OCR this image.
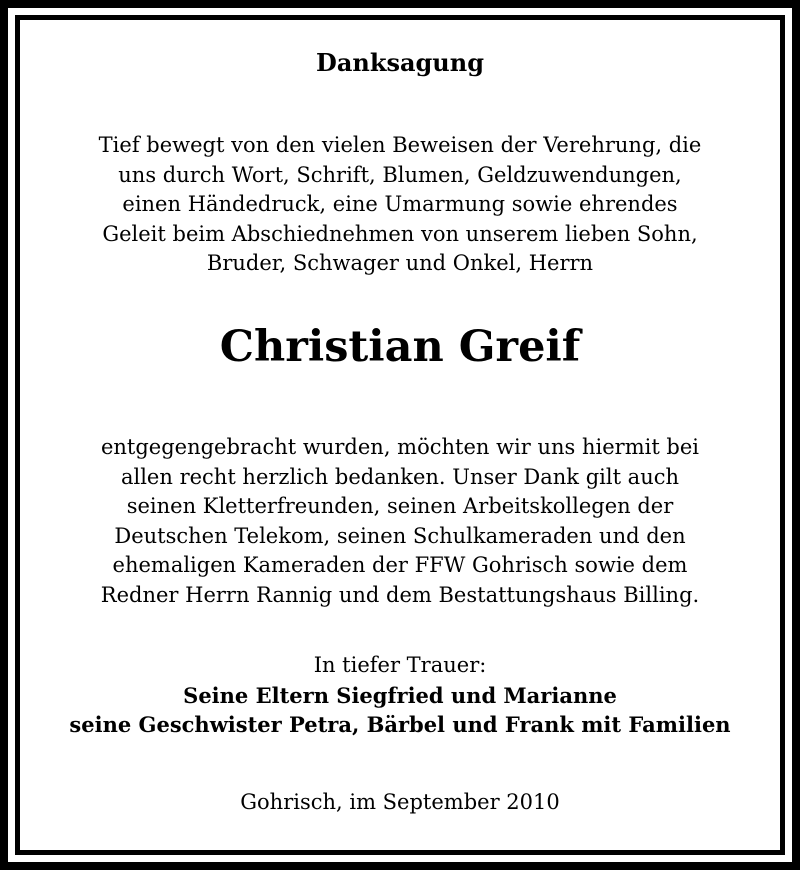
Danksagung
Tief bewegt von den vielen Beweisen der Verehrung, die
uns durch Wort, Schrift, Blumen, Geldzuwendungen,
einen Händedruck, eine Umarmung sowie ehrendes
Geleit beim Abschiednehmen von unserem lieben Sohn,
Bruder, Schwager und Onkel, Herrn
Christian Greif
entgegengebracht wurden, möchten wir uns hiermit bei
allen recht herzlich bedanken. Unser Dank gilt auch
seinen Kletterfreunden, seinen Arbeitskollegen der
Deutschen Telekom, seinen Schulkameraden und den
ehemaligen Kameraden der FFW Gohrisch sowie dem
Redner Herrn Rannig und dem Bestattungshaus Billing.
In tiefer Trauer:
Seine Eltern Siegfried und Marianne
seine Geschwister Petra, Bärbel und Frank mit Familien
Gohrisch, im September 2010
